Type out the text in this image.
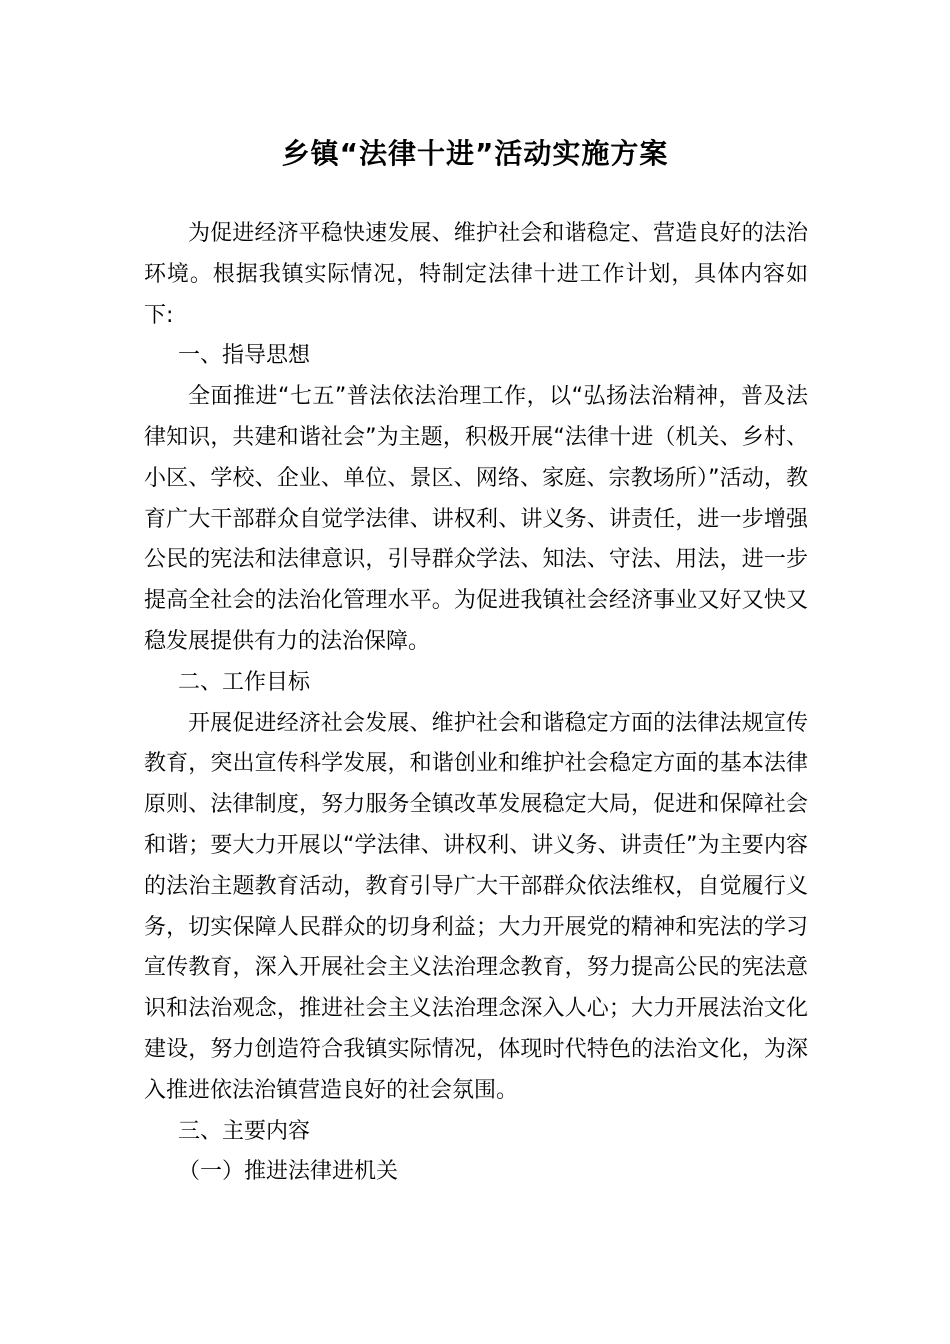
乡镇“法律十进”活动实施方案

为促进经济平稳快速发展、维护社会和谐稳定、营造良好的法治环境。根据我镇实际情况，特制定法律十进工作计划，具体内容如下:

一、指导思想

全面推进“七五”普法依法治理工作，以“弘扬法治精神，普及法律知识，共建和谐社会”为主题，积极开展“法律十进（机关、乡村、小区、学校、企业、单位、景区、网络、家庭、宗教场所）”活动，教育广大干部群众自觉学法律、讲权利、讲义务、讲责任，进一步增强公民的宪法和法律意识，引导群众学法、知法、守法、用法，进一步提高全社会的法治化管理水平。为促进我镇社会经济事业又好又快又稳发展提供有力的法治保障。

二、工作目标

开展促进经济社会发展、维护社会和谐稳定方面的法律法规宣传教育，突出宣传科学发展，和谐创业和维护社会稳定方面的基本法律原则、法律制度，努力服务全镇改革发展稳定大局，促进和保障社会和谐；要大力开展以“学法律、讲权利、讲义务、讲责任”为主要内容的法治主题教育活动，教育引导广大干部群众依法维权，自觉履行义务，切实保障人民群众的切身利益；大力开展党的精神和宪法的学习宣传教育，深入开展社会主义法治理念教育，努力提高公民的宪法意识和法治观念，推进社会主义法治理念深入人心；大力开展法治文化建设，努力创造符合我镇实际情况，体现时代特色的法治文化，为深入推进依法治镇营造良好的社会氛围。

三、主要内容

（一）推进法律进机关
